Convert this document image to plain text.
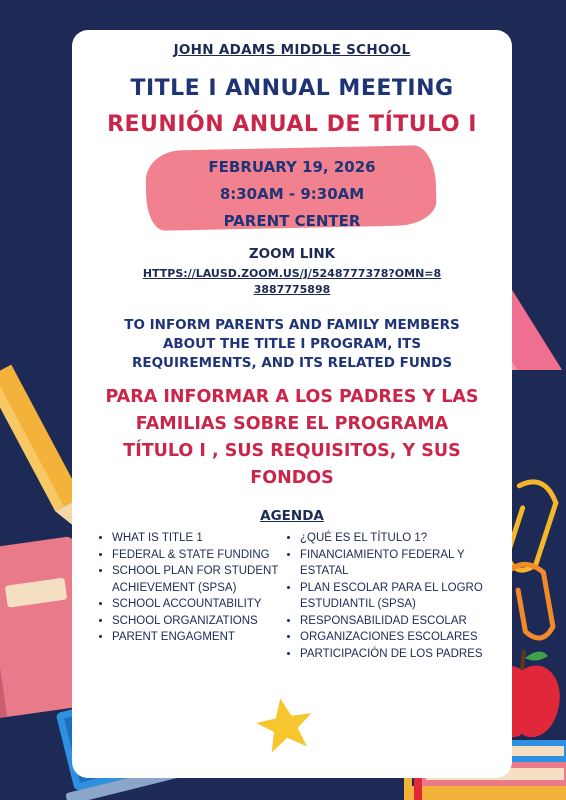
JOHN ADAMS MIDDLE SCHOOL
TITLE I ANNUAL MEETING
REUNIÓN ANUAL DE TÍTULO I
FEBRUARY 19, 2026
8:30AM - 9:30AM
PARENT CENTER
ZOOM LINK
HTTPS://LAUSD.ZOOM.US/J/5248777378?OMN=83887775898
TO INFORM PARENTS AND FAMILY MEMBERS ABOUT THE TITLE I PROGRAM, ITS REQUIREMENTS, AND ITS RELATED FUNDS
PARA INFORMAR A LOS PADRES Y LAS FAMILIAS SOBRE EL PROGRAMA TÍTULO I , SUS REQUISITOS, Y SUS FONDOS
AGENDA
• WHAT IS TITLE 1
• FEDERAL & STATE FUNDING
• SCHOOL PLAN FOR STUDENT ACHIEVEMENT (SPSA)
• SCHOOL ACCOUNTABILITY
• SCHOOL ORGANIZATIONS
• PARENT ENGAGMENT
• ¿QUÉ ES EL TÍTULO 1?
• FINANCIAMIENTO FEDERAL Y ESTATAL
• PLAN ESCOLAR PARA EL LOGRO ESTUDIANTIL (SPSA)
• RESPONSABILIDAD ESCOLAR
• ORGANIZACIONES ESCOLARES
• PARTICIPACIÓN DE LOS PADRES
